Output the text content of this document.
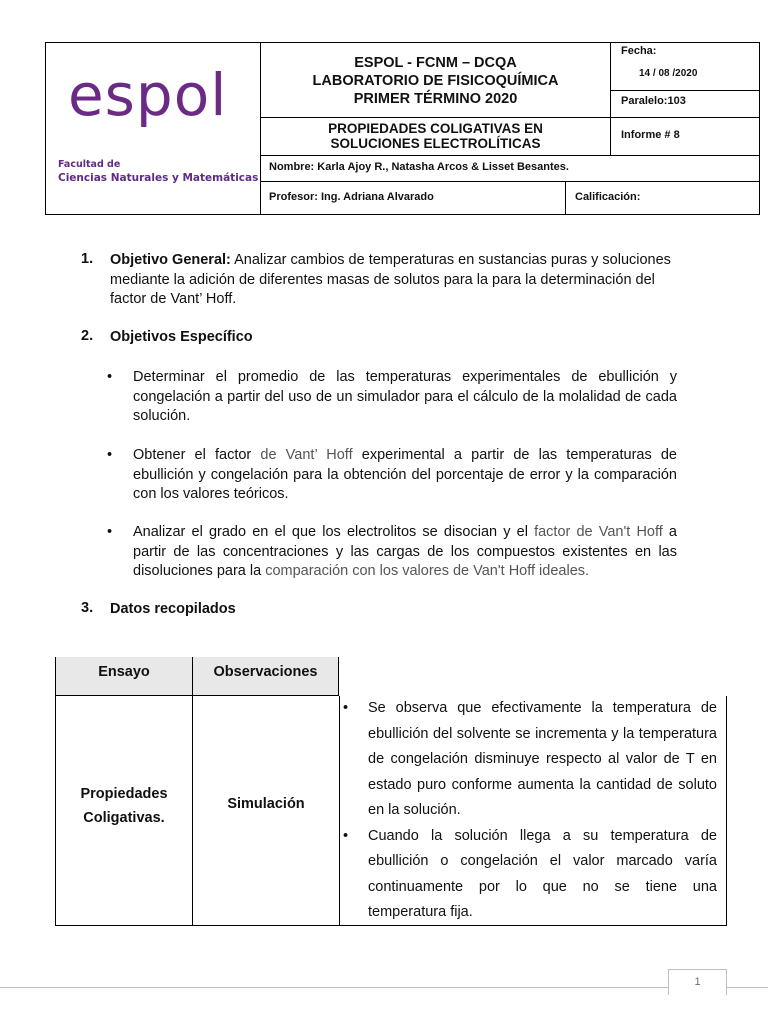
espol
Facultad de
Ciencias Naturales y Matemáticas
ESPOL - FCNM – DCQA
LABORATORIO DE FISICOQUÍMICA
PRIMER TÉRMINO 2020
Fecha:
14 / 08 /2020
Paralelo:103
PROPIEDADES COLIGATIVAS EN
SOLUCIONES ELECTROLÍTICAS
Informe # 8
Nombre: Karla Ajoy R., Natasha Arcos & Lisset Besantes.
Profesor: Ing. Adriana Alvarado	Calificación:
1. Objetivo General: Analizar cambios de temperaturas en sustancias puras y soluciones mediante la adición de diferentes masas de solutos para la para la determinación del factor de Vant’ Hoff.
2. Objetivos Específico
• Determinar el promedio de las temperaturas experimentales de ebullición y congelación a partir del uso de un simulador para el cálculo de la molalidad de cada solución.
• Obtener el factor de Vant’ Hoff experimental a partir de las temperaturas de ebullición y congelación para la obtención del porcentaje de error y la comparación con los valores teóricos.
• Analizar el grado en el que los electrolitos se disocian y el factor de Van't Hoff a partir de las concentraciones y las cargas de los compuestos existentes en las disoluciones para la comparación con los valores de Van't Hoff ideales.
3. Datos recopilados
Ensayo	Observaciones
Propiedades
Coligativas.
Simulación
• Se observa que efectivamente la temperatura de ebullición del solvente se incrementa y la temperatura de congelación disminuye respecto al valor de T en estado puro conforme aumenta la cantidad de soluto en la solución.
• Cuando la solución llega a su temperatura de ebullición o congelación el valor marcado varía continuamente por lo que no se tiene una temperatura fija.
1
